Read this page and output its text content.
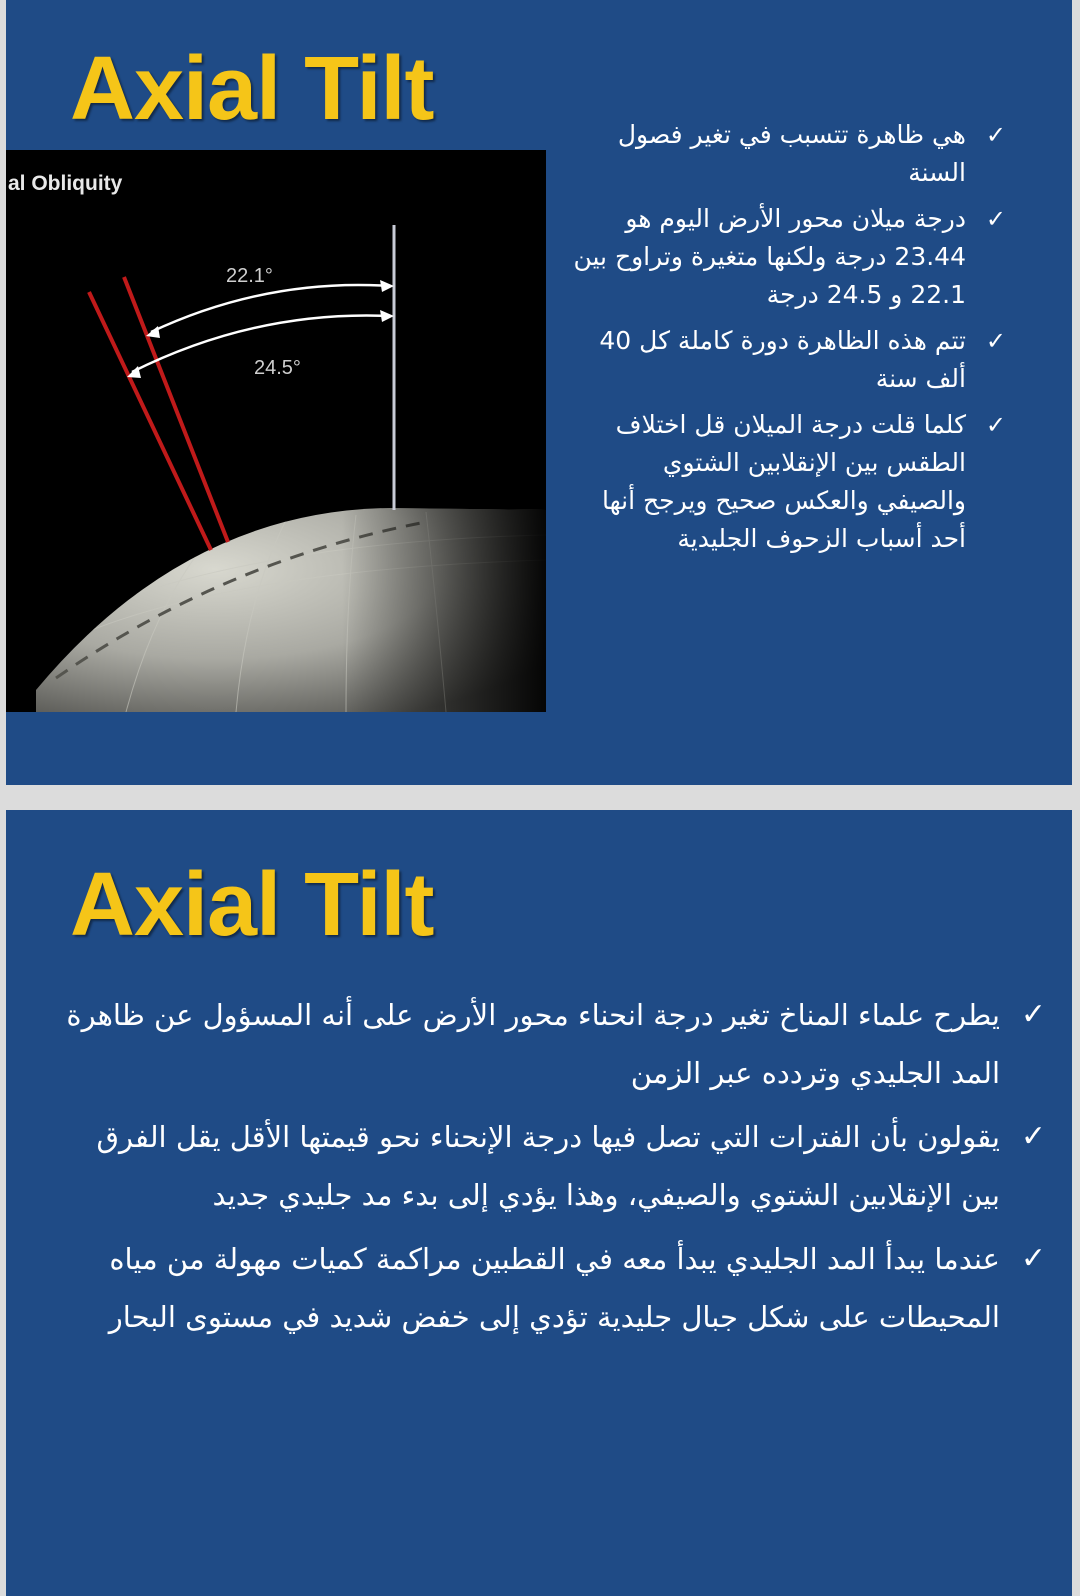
Axial Tilt
al Obliquity
22.1°
24.5°
✓
هي ظاهرة تتسبب في تغير فصول السنة
✓
درجة ميلان محور الأرض اليوم هو 23.44 درجة ولكنها متغيرة وتراوح بين 22.1 و 24.5 درجة
✓
تتم هذه الظاهرة دورة كاملة كل 40 ألف سنة
✓
كلما قلت درجة الميلان قل اختلاف الطقس بين الإنقلابين الشتوي والصيفي والعكس صحيح ويرجح أنها أحد أسباب الزحوف الجليدية
Axial Tilt
✓
يطرح علماء المناخ تغير درجة انحناء محور الأرض على أنه المسؤول عن ظاهرة المد الجليدي وتردده عبر الزمن
✓
يقولون بأن الفترات التي تصل فيها درجة الإنحناء نحو قيمتها الأقل يقل الفرق بين الإنقلابين الشتوي والصيفي، وهذا يؤدي إلى بدء مد جليدي جديد
✓
عندما يبدأ المد الجليدي يبدأ معه في القطبين مراكمة كميات مهولة من مياه المحيطات على شكل جبال جليدية تؤدي إلى خفض شديد في مستوى البحار
